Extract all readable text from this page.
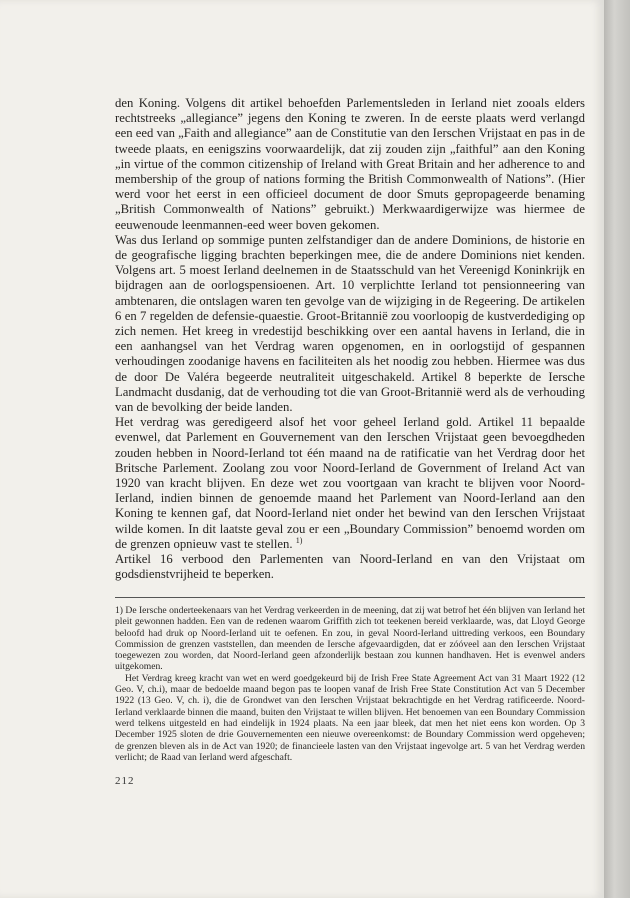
den Koning. Volgens dit artikel behoefden Parlementsleden in Ierland niet zooals elders rechtstreeks „allegiance” jegens den Koning te zweren. In de eerste plaats werd verlangd een eed van „Faith and allegiance” aan de Constitutie van den Ierschen Vrijstaat en pas in de tweede plaats, en eenigszins voorwaardelijk, dat zij zouden zijn „faithful” aan den Koning „in virtue of the common citizenship of Ireland with Great Britain and her adherence to and membership of the group of nations forming the British Commonwealth of Nations”. (Hier werd voor het eerst in een officieel document de door Smuts gepropageerde benaming „British Commonwealth of Nations” gebruikt.) Merkwaardigerwijze was hiermee de eeuwenoude leenmannen-eed weer boven gekomen.

Was dus Ierland op sommige punten zelfstandiger dan de andere Dominions, de historie en de geografische ligging brachten beperkingen mee, die de andere Dominions niet kenden. Volgens art. 5 moest Ierland deelnemen in de Staatsschuld van het Vereenigd Koninkrijk en bijdragen aan de oorlogspensioenen. Art. 10 verplichtte Ierland tot pensionneering van ambtenaren, die ontslagen waren ten gevolge van de wijziging in de Regeering. De artikelen 6 en 7 regelden de defensie-quaestie. Groot-Britannië zou voorloopig de kustverdediging op zich nemen. Het kreeg in vredestijd beschikking over een aantal havens in Ierland, die in een aanhangsel van het Verdrag waren opgenomen, en in oorlogstijd of gespannen verhoudingen zoodanige havens en faciliteiten als het noodig zou hebben. Hiermee was dus de door De Valéra begeerde neutraliteit uitgeschakeld. Artikel 8 beperkte de Iersche Landmacht dusdanig, dat de verhouding tot die van Groot-Britannië werd als de verhouding van de bevolking der beide landen.

Het verdrag was geredigeerd alsof het voor geheel Ierland gold. Artikel 11 bepaalde evenwel, dat Parlement en Gouvernement van den Ierschen Vrijstaat geen bevoegdheden zouden hebben in Noord-Ierland tot één maand na de ratificatie van het Verdrag door het Britsche Parlement. Zoolang zou voor Noord-Ierland de Government of Ireland Act van 1920 van kracht blijven. En deze wet zou voortgaan van kracht te blijven voor Noord-Ierland, indien binnen de genoemde maand het Parlement van Noord-Ierland aan den Koning te kennen gaf, dat Noord-Ierland niet onder het bewind van den Ierschen Vrijstaat wilde komen. In dit laatste geval zou er een „Boundary Commission” benoemd worden om de grenzen opnieuw vast te stellen. $^{1)}$

Artikel 16 verbood den Parlementen van Noord-Ierland en van den Vrijstaat om godsdienstvrijheid te beperken.

1) De Iersche onderteekenaars van het Verdrag verkeerden in de meening, dat zij wat betrof het één blijven van Ierland het pleit gewonnen hadden. Een van de redenen waarom Griffith zich tot teekenen bereid verklaarde, was, dat Lloyd George beloofd had druk op Noord-Ierland uit te oefenen. En zou, in geval Noord-Ierland uittreding verkoos, een Boundary Commission de grenzen vaststellen, dan meenden de Iersche afgevaardigden, dat er zóóveel aan den Ierschen Vrijstaat toegewezen zou worden, dat Noord-Ierland geen afzonderlijk bestaan zou kunnen handhaven. Het is evenwel anders uitgekomen.

Het Verdrag kreeg kracht van wet en werd goedgekeurd bij de Irish Free State Agreement Act van 31 Maart 1922 (12 Geo. V, ch.i), maar de bedoelde maand begon pas te loopen vanaf de Irish Free State Constitution Act van 5 December 1922 (13 Geo. V, ch. i), die de Grondwet van den Ierschen Vrijstaat bekrachtigde en het Verdrag ratificeerde. Noord-Ierland verklaarde binnen die maand, buiten den Vrijstaat te willen blijven. Het benoemen van een Boundary Commission werd telkens uitgesteld en had eindelijk in 1924 plaats. Na een jaar bleek, dat men het niet eens kon worden. Op 3 December 1925 sloten de drie Gouvernementen een nieuwe overeenkomst: de Boundary Commission werd opgeheven; de grenzen bleven als in de Act van 1920; de financieele lasten van den Vrijstaat ingevolge art. 5 van het Verdrag werden verlicht; de Raad van Ierland werd afgeschaft.

212
